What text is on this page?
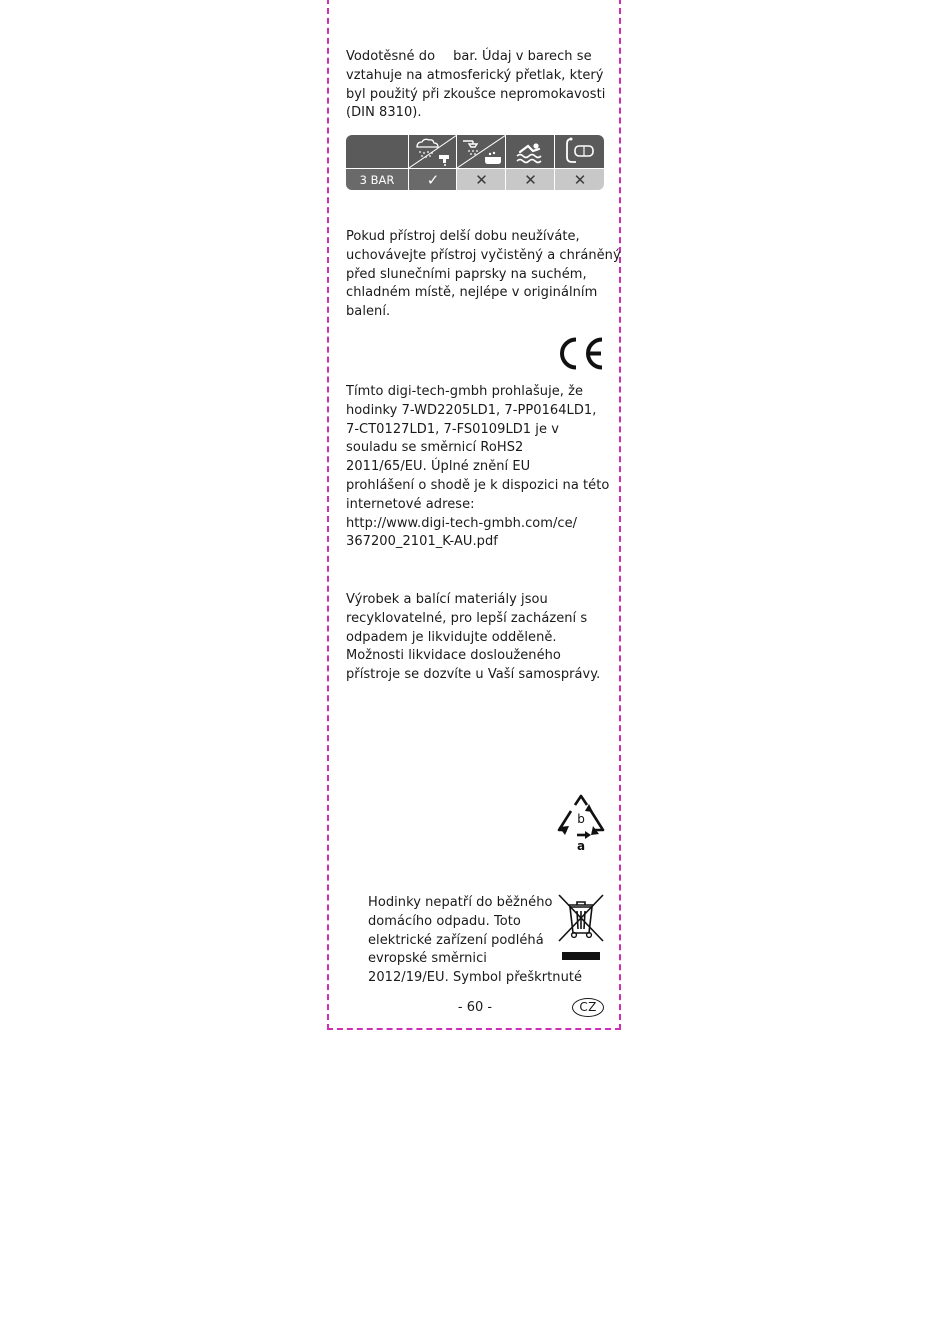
Vodotěsné do bar. Údaj v barech se
vztahuje na atmosferický přetlak, který
byl použitý při zkoušce nepromokavosti
(DIN 8310).

3 BAR	✓	✕	✕	✕

Pokud přístroj delší dobu neužíváte,
uchovávejte přístroj vyčistěný a chráněný
před slunečními paprsky na suchém,
chladném místě, nejlépe v originálním
balení.

Tímto digi-tech-gmbh prohlašuje, že
hodinky 7-WD2205LD1, 7-PP0164LD1,
7-CT0127LD1, 7-FS0109LD1 je v
souladu se směrnicí RoHS2
2011/65/EU. Úplné znění EU
prohlášení o shodě je k dispozici na této
internetové adrese:
http://www.digi-tech-gmbh.com/ce/
367200_2101_K-AU.pdf

Výrobek a balící materiály jsou
recyklovatelné, pro lepší zacházení s
odpadem je likvidujte odděleně.
Možnosti likvidace doslouženého
přístroje se dozvíte u Vaší samosprávy.

b
a

Hodinky nepatří do běžného
domácího odpadu. Toto
elektrické zařízení podléhá
evropské směrnici
2012/19/EU. Symbol přeškrtnuté

- 60 -	CZ
